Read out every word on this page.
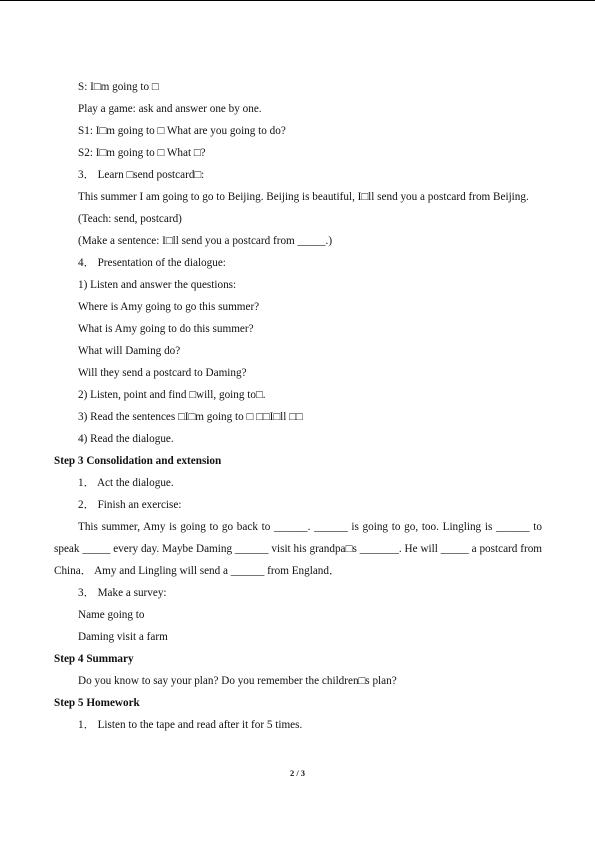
S: I□m going to □
Play a game: ask and answer one by one.
S1: I□m going to □ What are you going to do?
S2: I□m going to □ What □?
3． Learn □send postcard□:

This summer I am going to go to Beijing. Beijing is beautiful, I□ll send you a postcard from Beijing.

(Teach: send, postcard)
(Make a sentence: I□ll send you a postcard from _____.)
4． Presentation of the dialogue:
1) Listen and answer the questions:
Where is Amy going to go this summer?
What is Amy going to do this summer?
What will Daming do?
Will they send a postcard to Daming?
2) Listen, point and find □will, going to□.
3) Read the sentences □I□m going to □ □□I□ll □□
4) Read the dialogue.
Step 3 Consolidation and extension
1． Act the dialogue.
2． Finish an exercise:

This summer, Amy is going to go back to ______. ______ is going to go, too. Lingling is ______ to speak _____ every day. Maybe Daming ______ visit his grandpa□s _______. He will _____ a postcard from China． Amy and Lingling will send a ______ from England．

3． Make a survey:
Name going to
Daming visit a farm
Step 4 Summary
Do you know to say your plan? Do you remember the children□s plan?
Step 5 Homework
1． Listen to the tape and read after it for 5 times.
2 / 3
